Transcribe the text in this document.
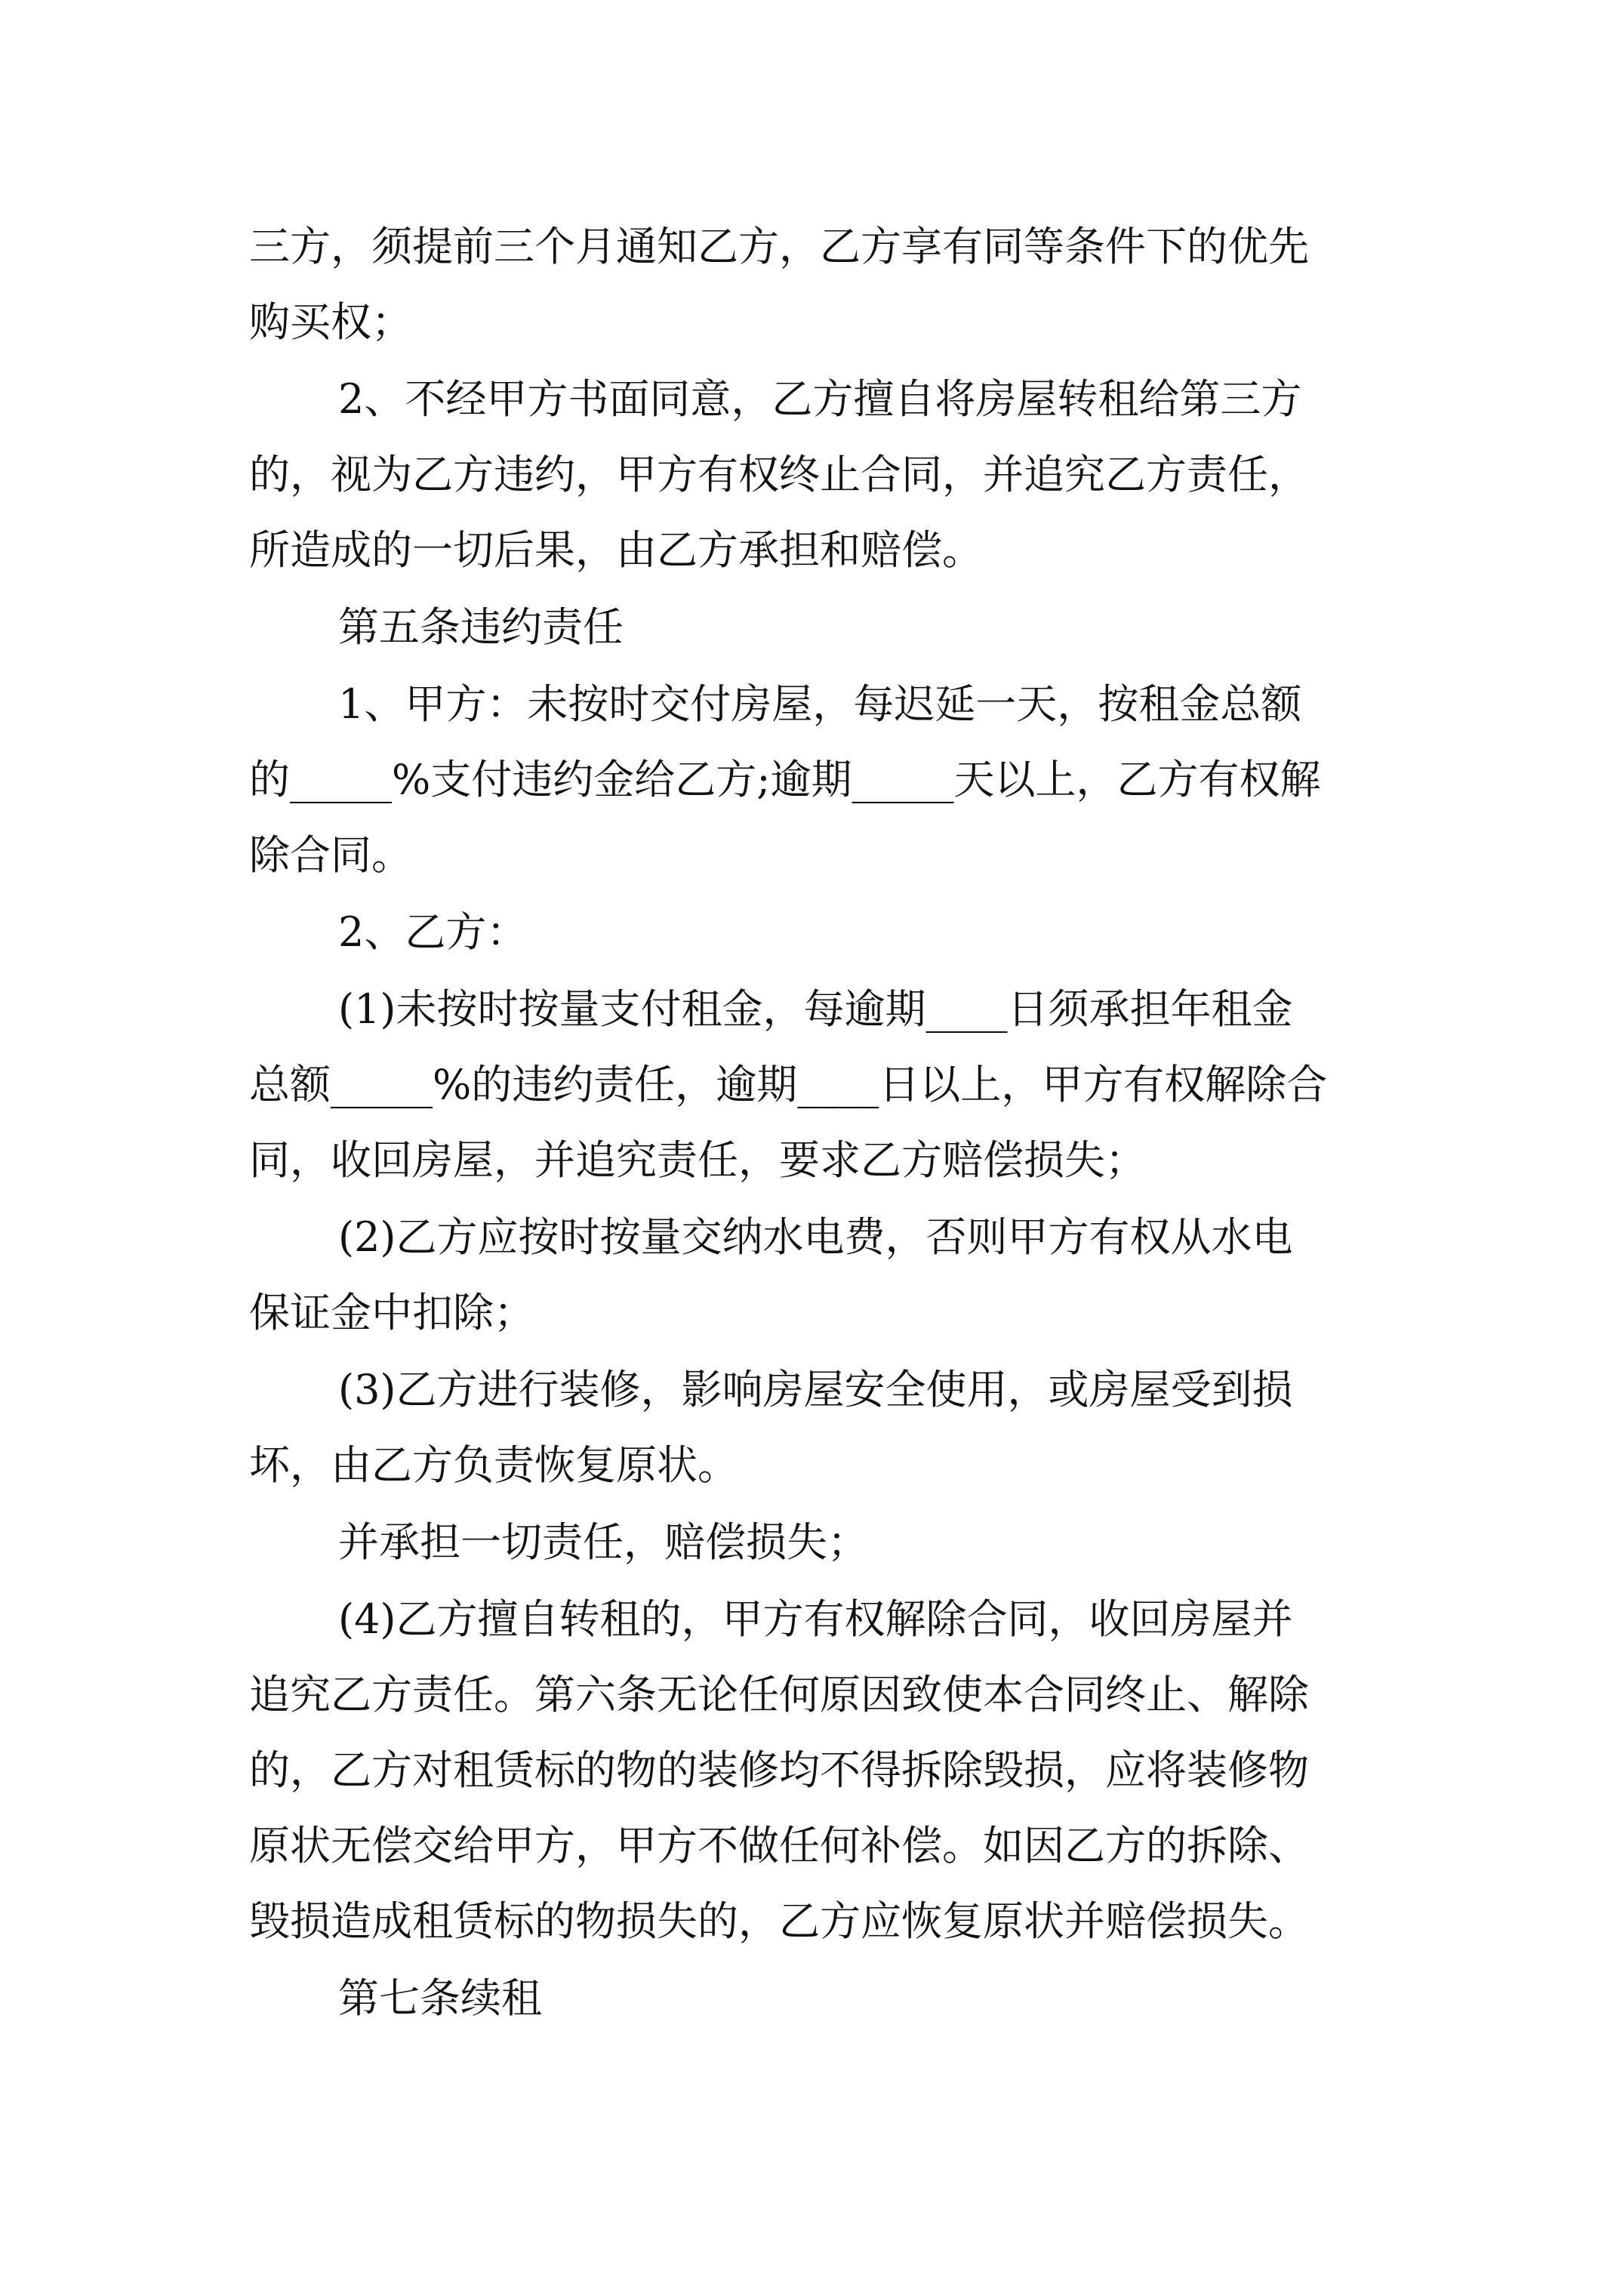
三方，须提前三个月通知乙方，乙方享有同等条件下的优先

购买权；

2、不经甲方书面同意，乙方擅自将房屋转租给第三方

的，视为乙方违约，甲方有权终止合同，并追究乙方责任，

所造成的一切后果，由乙方承担和赔偿。

第五条违约责任

1、甲方：未按时交付房屋，每迟延一天，按租金总额

的_____%支付违约金给乙方;逾期_____天以上，乙方有权解

除合同。

2、乙方：

(1)未按时按量支付租金，每逾期____日须承担年租金

总额_____%的违约责任，逾期____日以上，甲方有权解除合

同，收回房屋，并追究责任，要求乙方赔偿损失；

(2)乙方应按时按量交纳水电费，否则甲方有权从水电

保证金中扣除；

(3)乙方进行装修，影响房屋安全使用，或房屋受到损

坏，由乙方负责恢复原状。

并承担一切责任，赔偿损失；

(4)乙方擅自转租的，甲方有权解除合同，收回房屋并

追究乙方责任。第六条无论任何原因致使本合同终止、解除

的，乙方对租赁标的物的装修均不得拆除毁损，应将装修物

原状无偿交给甲方，甲方不做任何补偿。如因乙方的拆除、

毁损造成租赁标的物损失的，乙方应恢复原状并赔偿损失。

第七条续租
